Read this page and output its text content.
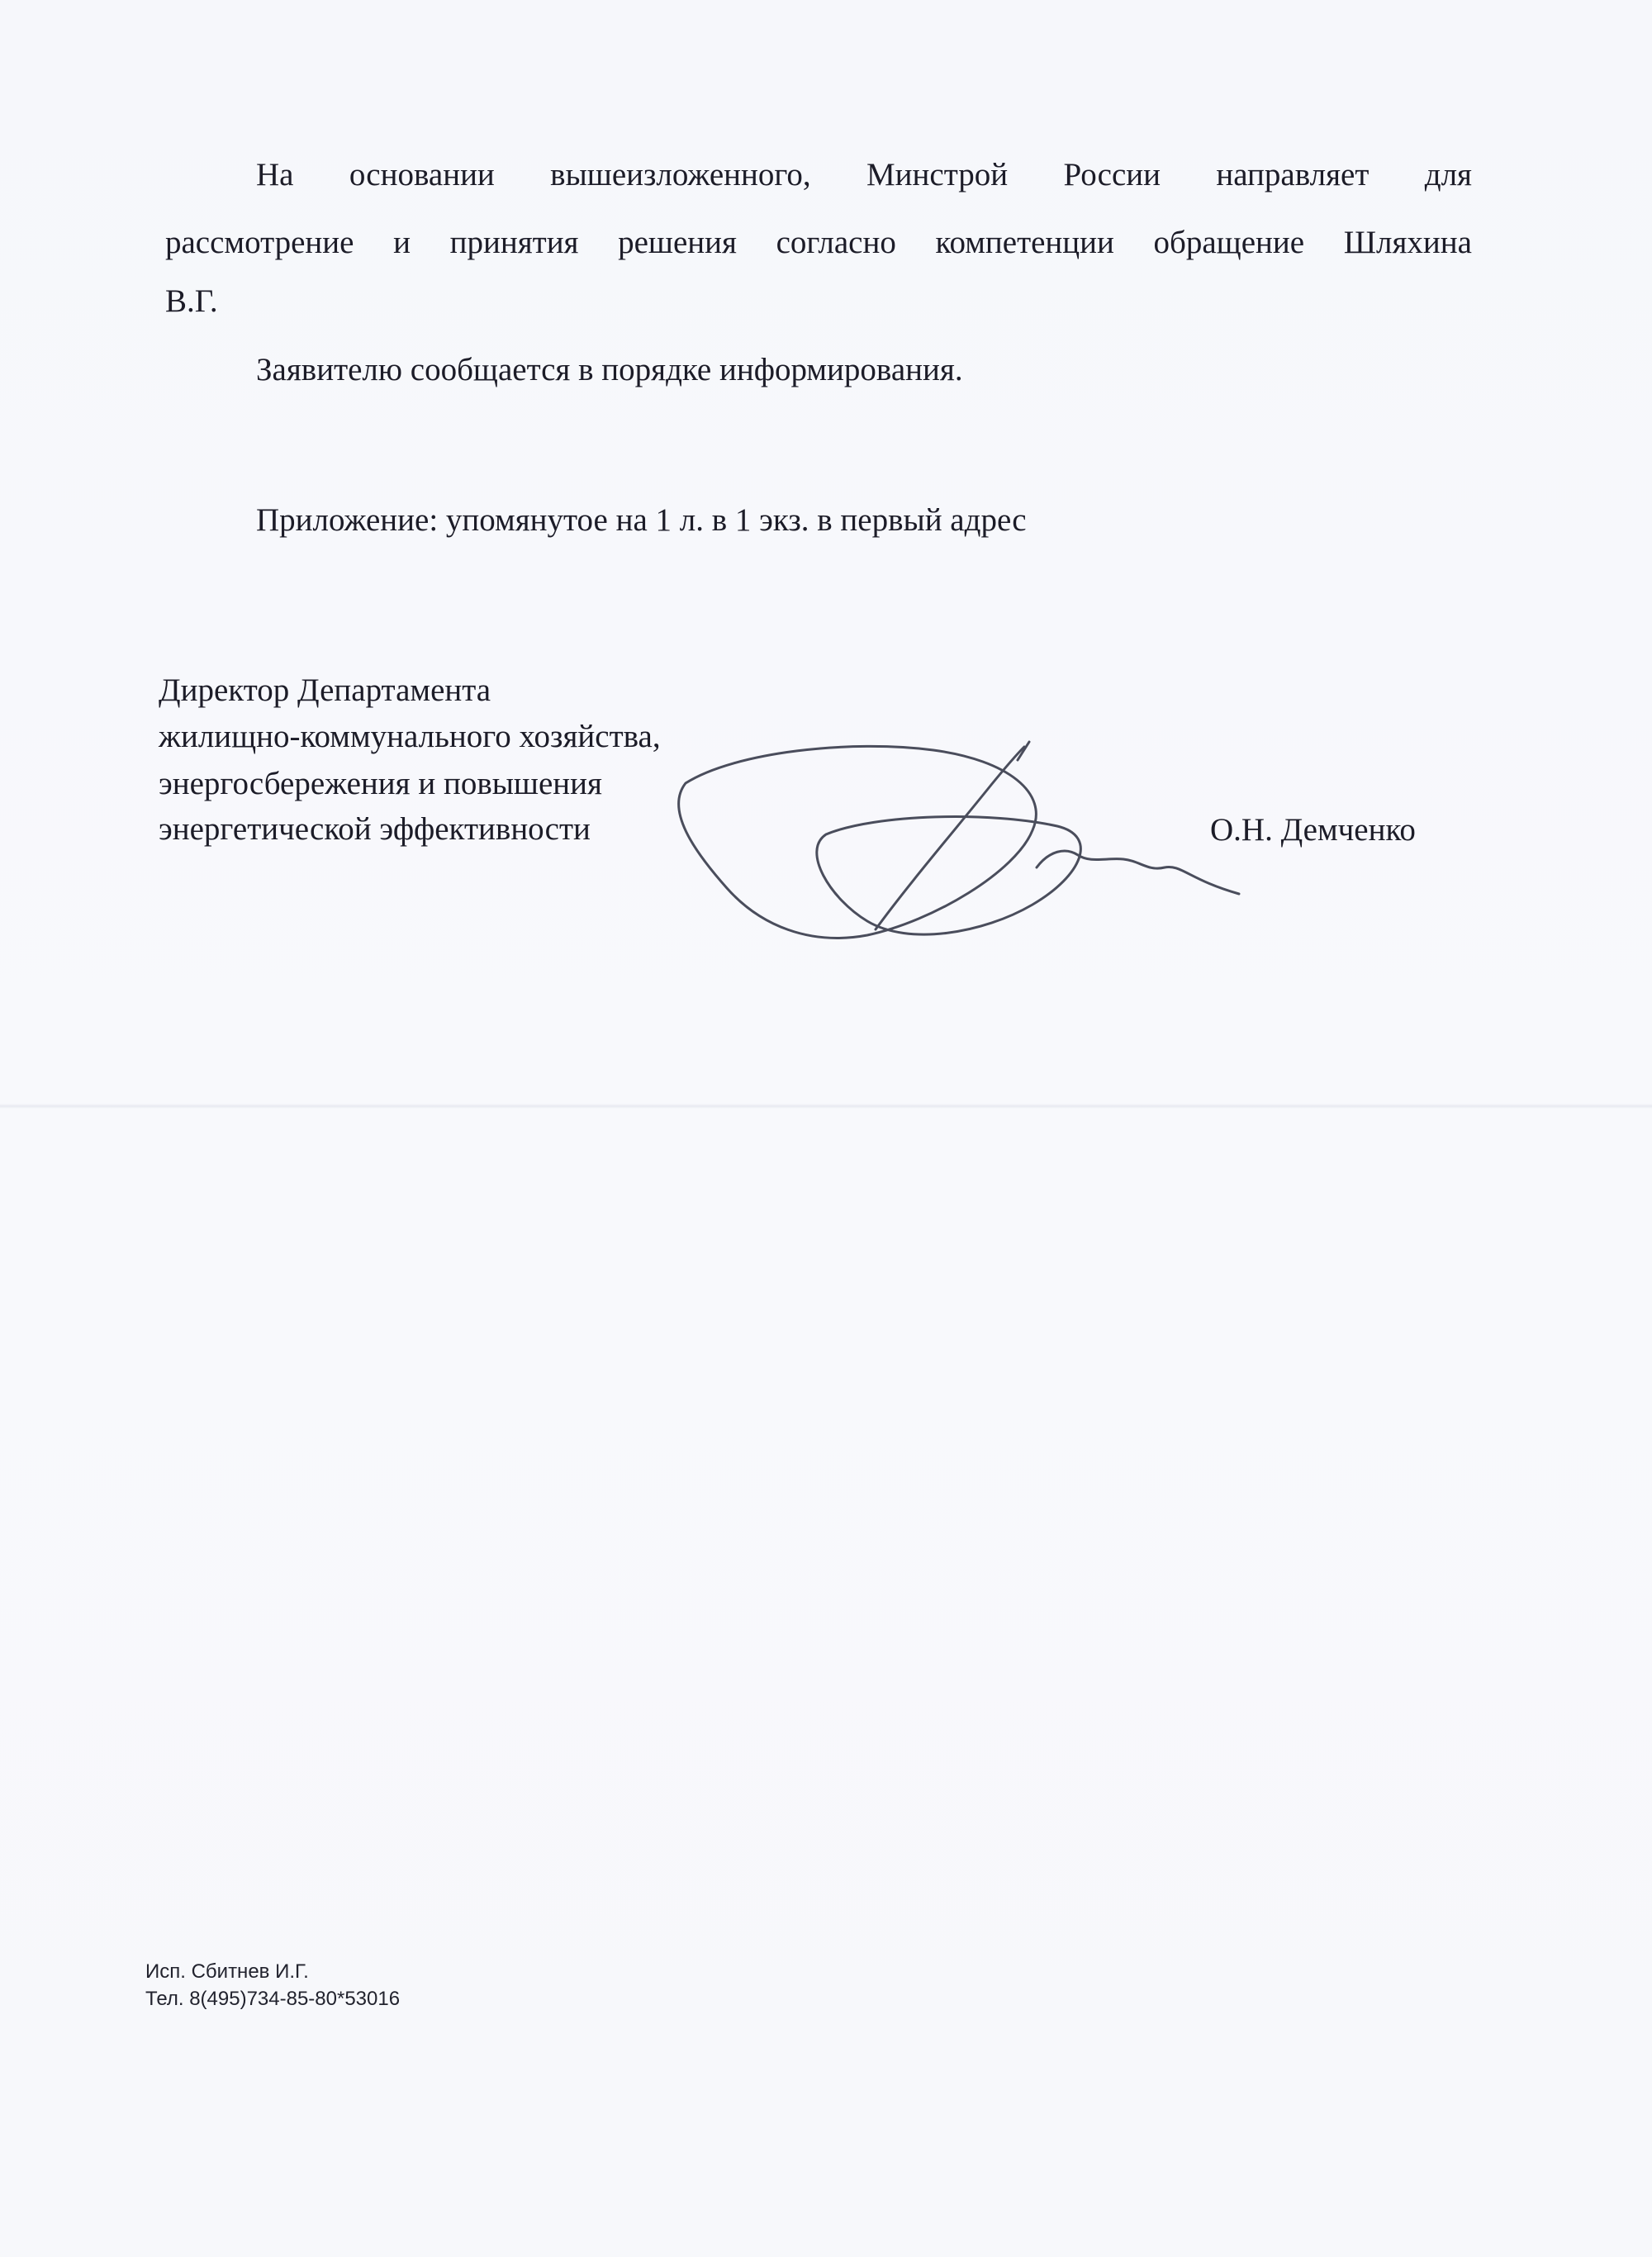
На основании вышеизложенного, Минстрой России направляет для
рассмотрение и принятия решения согласно компетенции обращение Шляхина
В.Г.
Заявителю сообщается в порядке информирования.
Приложение: упомянутое на 1 л. в 1 экз. в первый адрес
Директор Департамента
жилищно-коммунального хозяйства,
энергосбережения и повышения
энергетической эффективности	О.Н. Демченко
Исп. Сбитнев И.Г.
Тел. 8(495)734-85-80*53016
